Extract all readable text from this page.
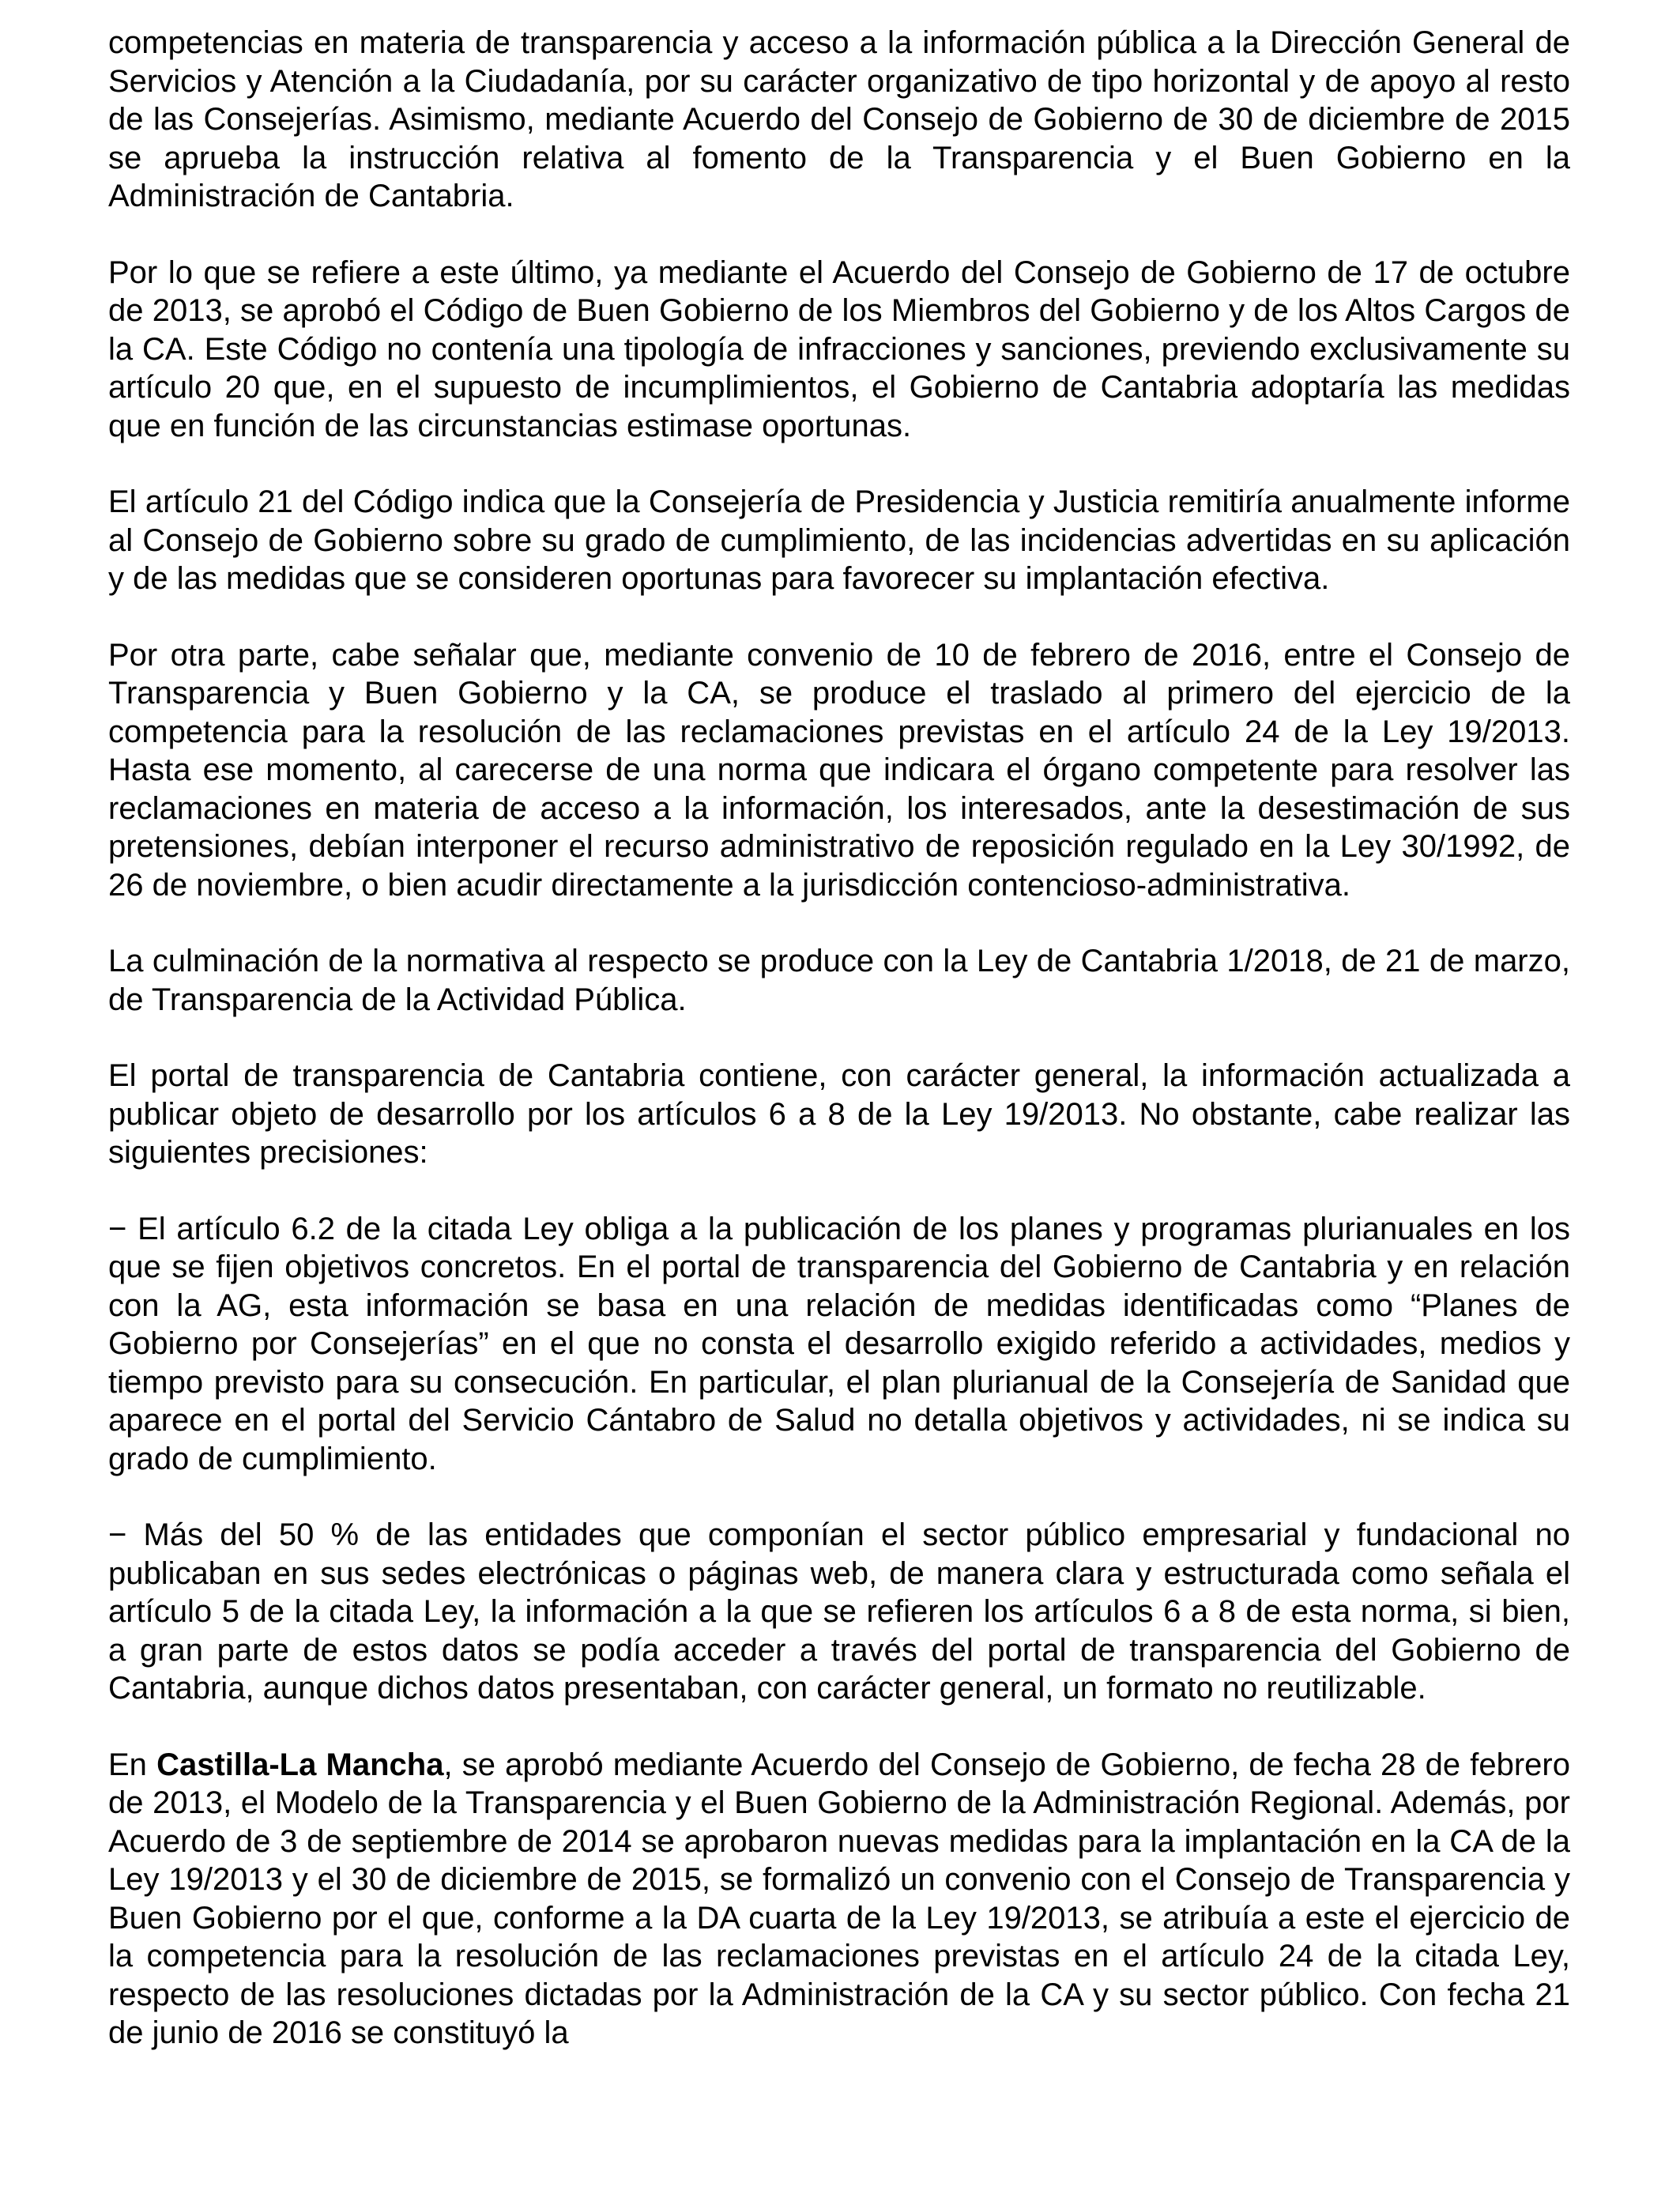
competencias en materia de transparencia y acceso a la información pública a la Dirección General de Servicios y Atención a la Ciudadanía, por su carácter organizativo de tipo horizontal y de apoyo al resto de las Consejerías. Asimismo, mediante Acuerdo del Consejo de Gobierno de 30 de diciembre de 2015 se aprueba la instrucción relativa al fomento de la Transparencia y el Buen Gobierno en la Administración de Cantabria.

Por lo que se refiere a este último, ya mediante el Acuerdo del Consejo de Gobierno de 17 de octubre de 2013, se aprobó el Código de Buen Gobierno de los Miembros del Gobierno y de los Altos Cargos de la CA. Este Código no contenía una tipología de infracciones y sanciones, previendo exclusivamente su artículo 20 que, en el supuesto de incumplimientos, el Gobierno de Cantabria adoptaría las medidas que en función de las circunstancias estimase oportunas.

El artículo 21 del Código indica que la Consejería de Presidencia y Justicia remitiría anualmente informe al Consejo de Gobierno sobre su grado de cumplimiento, de las incidencias advertidas en su aplicación y de las medidas que se consideren oportunas para favorecer su implantación efectiva.

Por otra parte, cabe señalar que, mediante convenio de 10 de febrero de 2016, entre el Consejo de Transparencia y Buen Gobierno y la CA, se produce el traslado al primero del ejercicio de la competencia para la resolución de las reclamaciones previstas en el artículo 24 de la Ley 19/2013. Hasta ese momento, al carecerse de una norma que indicara el órgano competente para resolver las reclamaciones en materia de acceso a la información, los interesados, ante la desestimación de sus pretensiones, debían interponer el recurso administrativo de reposición regulado en la Ley 30/1992, de 26 de noviembre, o bien acudir directamente a la jurisdicción contencioso-administrativa.

La culminación de la normativa al respecto se produce con la Ley de Cantabria 1/2018, de 21 de marzo, de Transparencia de la Actividad Pública.

El portal de transparencia de Cantabria contiene, con carácter general, la información actualizada a publicar objeto de desarrollo por los artículos 6 a 8 de la Ley 19/2013. No obstante, cabe realizar las siguientes precisiones:

− El artículo 6.2 de la citada Ley obliga a la publicación de los planes y programas plurianuales en los que se fijen objetivos concretos. En el portal de transparencia del Gobierno de Cantabria y en relación con la AG, esta información se basa en una relación de medidas identificadas como “Planes de Gobierno por Consejerías” en el que no consta el desarrollo exigido referido a actividades, medios y tiempo previsto para su consecución. En particular, el plan plurianual de la Consejería de Sanidad que aparece en el portal del Servicio Cántabro de Salud no detalla objetivos y actividades, ni se indica su grado de cumplimiento.

− Más del 50 % de las entidades que componían el sector público empresarial y fundacional no publicaban en sus sedes electrónicas o páginas web, de manera clara y estructurada como señala el artículo 5 de la citada Ley, la información a la que se refieren los artículos 6 a 8 de esta norma, si bien, a gran parte de estos datos se podía acceder a través del portal de transparencia del Gobierno de Cantabria, aunque dichos datos presentaban, con carácter general, un formato no reutilizable.

En Castilla-La Mancha, se aprobó mediante Acuerdo del Consejo de Gobierno, de fecha 28 de febrero de 2013, el Modelo de la Transparencia y el Buen Gobierno de la Administración Regional. Además, por Acuerdo de 3 de septiembre de 2014 se aprobaron nuevas medidas para la implantación en la CA de la Ley 19/2013 y el 30 de diciembre de 2015, se formalizó un convenio con el Consejo de Transparencia y Buen Gobierno por el que, conforme a la DA cuarta de la Ley 19/2013, se atribuía a este el ejercicio de la competencia para la resolución de las reclamaciones previstas en el artículo 24 de la citada Ley, respecto de las resoluciones dictadas por la Administración de la CA y su sector público. Con fecha 21 de junio de 2016 se constituyó la
